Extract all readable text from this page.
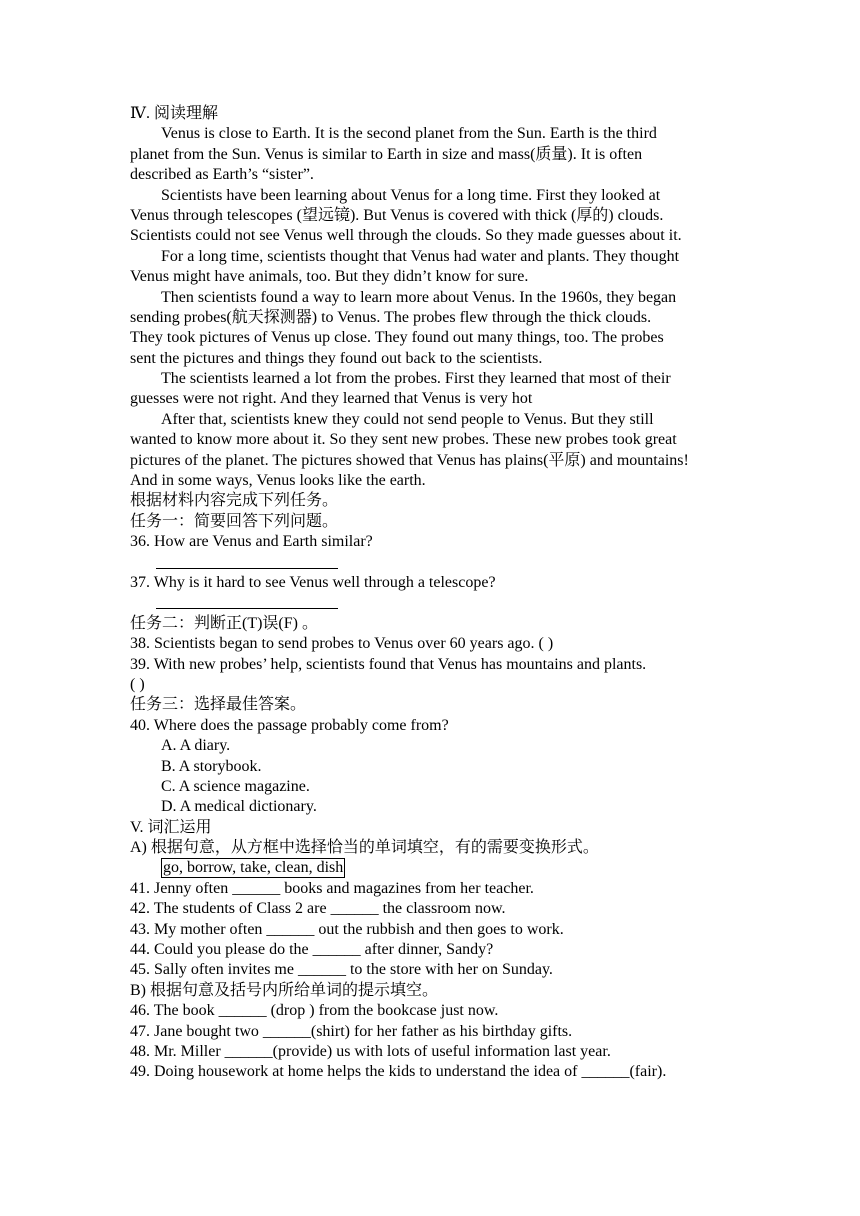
Ⅳ. 阅读理解
Venus is close to Earth. It is the second planet from the Sun. Earth is the third
planet from the Sun. Venus is similar to Earth in size and mass(质量). It is often
described as Earth’s “sister”.
Scientists have been learning about Venus for a long time. First they looked at
Venus through telescopes (望远镜). But Venus is covered with thick (厚的) clouds.
Scientists could not see Venus well through the clouds. So they made guesses about it.
For a long time, scientists thought that Venus had water and plants. They thought
Venus might have animals, too. But they didn’t know for sure.
Then scientists found a way to learn more about Venus. In the 1960s, they began
sending probes(航天探测器) to Venus. The probes flew through the thick clouds.
They took pictures of Venus up close. They found out many things, too. The probes
sent the pictures and things they found out back to the scientists.
The scientists learned a lot from the probes. First they learned that most of their
guesses were not right. And they learned that Venus is very hot
After that, scientists knew they could not send people to Venus. But they still
wanted to know more about it. So they sent new probes. These new probes took great
pictures of the planet. The pictures showed that Venus has plains(平原) and mountains!
And in some ways, Venus looks like the earth.
根据材料内容完成下列任务。
任务一：简要回答下列问题。
36. How are Venus and Earth similar?
37. Why is it hard to see Venus well through a telescope?
任务二：判断正(T)误(F) 。
38. Scientists began to send probes to Venus over 60 years ago. ( )
39. With new probes’ help, scientists found that Venus has mountains and plants.
( )
任务三：选择最佳答案。
40. Where does the passage probably come from?
A. A diary.
B. A storybook.
C. A science magazine.
D. A medical dictionary.
V. 词汇运用
A) 根据句意，从方框中选择恰当的单词填空，有的需要变换形式。
go, borrow, take, clean, dish
41. Jenny often ______ books and magazines from her teacher.
42. The students of Class 2 are ______ the classroom now.
43. My mother often ______ out the rubbish and then goes to work.
44. Could you please do the ______ after dinner, Sandy?
45. Sally often invites me ______ to the store with her on Sunday.
B) 根据句意及括号内所给单词的提示填空。
46. The book ______ (drop ) from the bookcase just now.
47. Jane bought two ______(shirt) for her father as his birthday gifts.
48. Mr. Miller ______(provide) us with lots of useful information last year.
49. Doing housework at home helps the kids to understand the idea of ______(fair).
